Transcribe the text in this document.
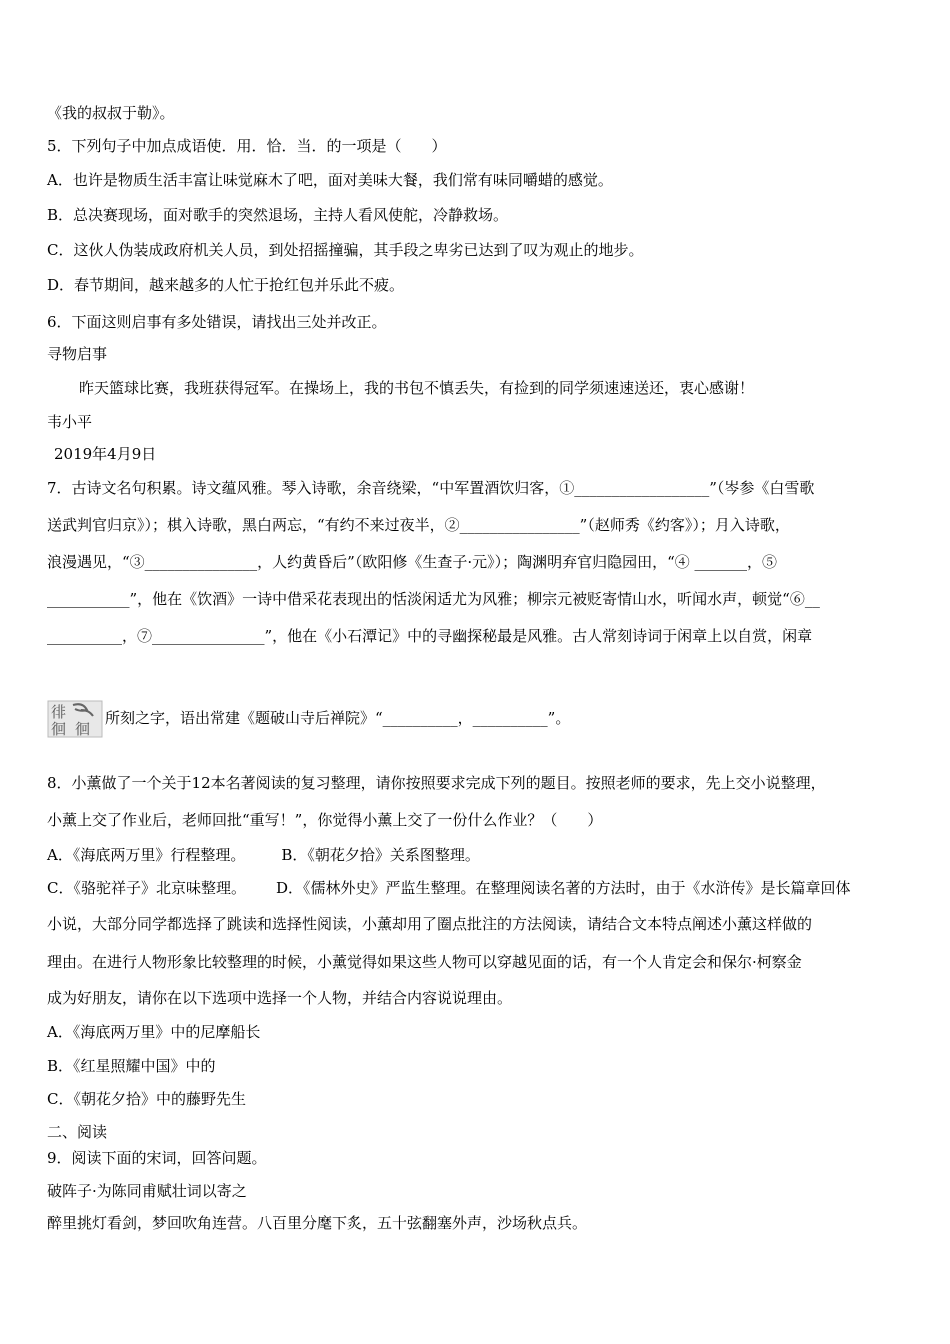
《我的叔叔于勒》。
5．下列句子中加点成语使．用．恰．当．的一项是（　　）
A．也许是物质生活丰富让味觉麻木了吧，面对美味大餐，我们常有味同嚼蜡的感觉。
B．总决赛现场，面对歌手的突然退场，主持人看风使舵，冷静救场。
C．这伙人伪装成政府机关人员，到处招摇撞骗，其手段之卑劣已达到了叹为观止的地步。
D．春节期间，越来越多的人忙于抢红包并乐此不疲。
6．下面这则启事有多处错误，请找出三处并改正。
寻物启事
昨天篮球比赛，我班获得冠军。在操场上，我的书包不慎丢失，有捡到的同学须速速送还，衷心感谢！
韦小平
2019年4月9日
7．古诗文名句积累。诗文蕴风雅。琴入诗歌，余音绕梁，“中军置酒饮归客，①__________________”（岑参《白雪歌
送武判官归京》）；棋入诗歌，黑白两忘，“有约不来过夜半，②________________”（赵师秀《约客》）；月入诗歌，
浪漫遇见，“③_______________，人约黄昏后”（欧阳修《生查子·元》）；陶渊明弃官归隐园田，“④ _______，⑤
___________”，他在《饮酒》一诗中借采花表现出的恬淡闲适尤为风雅；柳宗元被贬寄情山水，听闻水声，顿觉“⑥__
__________，⑦_______________”，他在《小石潭记》中的寻幽探秘最是风雅。古人常刻诗词于闲章上以自赏，闲章
徘
徊 徊
所刻之字，语出常建《题破山寺后禅院》“__________，__________”。
8．小薰做了一个关于12本名著阅读的复习整理，请你按照要求完成下列的题目。按照老师的要求，先上交小说整理，
小薰上交了作业后，老师回批“重写！”，你觉得小薰上交了一份什么作业？（　　）
A．《海底两万里》行程整理。 B．《朝花夕拾》关系图整理。
C．《骆驼祥子》北京味整理。 D．《儒林外史》严监生整理。在整理阅读名著的方法时，由于《水浒传》是长篇章回体
小说，大部分同学都选择了跳读和选择性阅读，小薰却用了圈点批注的方法阅读，请结合文本特点阐述小薰这样做的
理由。在进行人物形象比较整理的时候，小薰觉得如果这些人物可以穿越见面的话，有一个人肯定会和保尔·柯察金
成为好朋友，请你在以下选项中选择一个人物，并结合内容说说理由。
A．《海底两万里》中的尼摩船长
B．《红星照耀中国》中的
C．《朝花夕拾》中的藤野先生
二、阅读
9．阅读下面的宋词，回答问题。
破阵子·为陈同甫赋壮词以寄之
醉里挑灯看剑，梦回吹角连营。八百里分麾下炙，五十弦翻塞外声，沙场秋点兵。
